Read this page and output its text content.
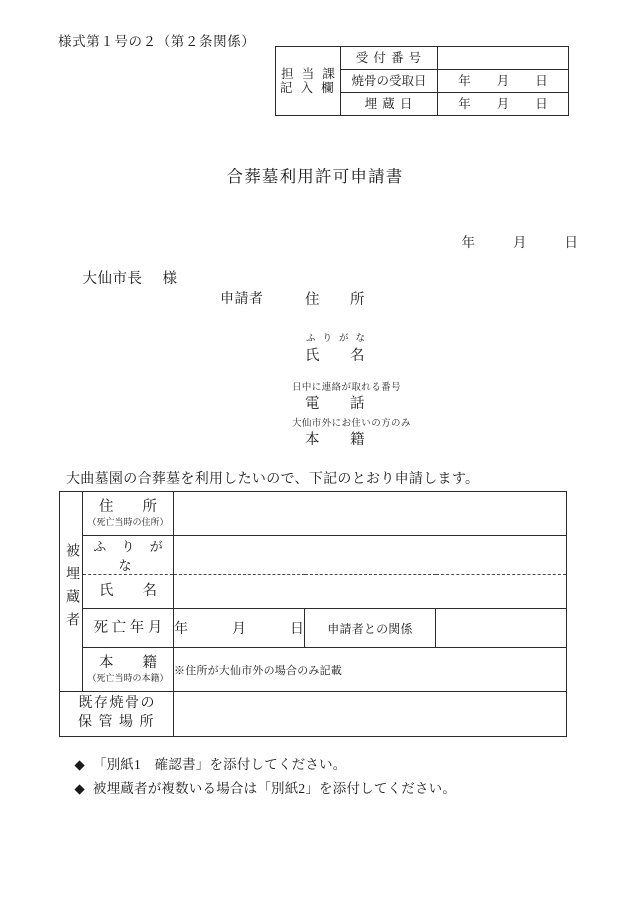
様式第１号の２（第２条関係）
担 当 課
記 入 欄	受 付 番 号	
	焼骨の受取日	年 月 日
	埋 蔵 日	年 月 日
合葬墓利用許可申請書

年	月	日

大仙市長 様

申請者	住　　所
ふりがな
氏　　名
日中に連絡が取れる番号
電　　話
大仙市外にお住いの方のみ
本　　籍
大曲墓園の合葬墓を利用したいので、下記のとおり申請します。
被埋蔵者	住　　所
（死亡当時の住所）			

	ふ り が な			

	氏　　名			

	死 亡 年 月	年 月 日	申請者との関係	

	本　　籍
（死亡当時の本籍）	※住所が大仙市外の場合のみ記載		
既存焼骨の
保 管 場 所				

◆ 「別紙1　確認書」を添付してください。

◆ 被埋蔵者が複数いる場合は「別紙2」を添付してください。
